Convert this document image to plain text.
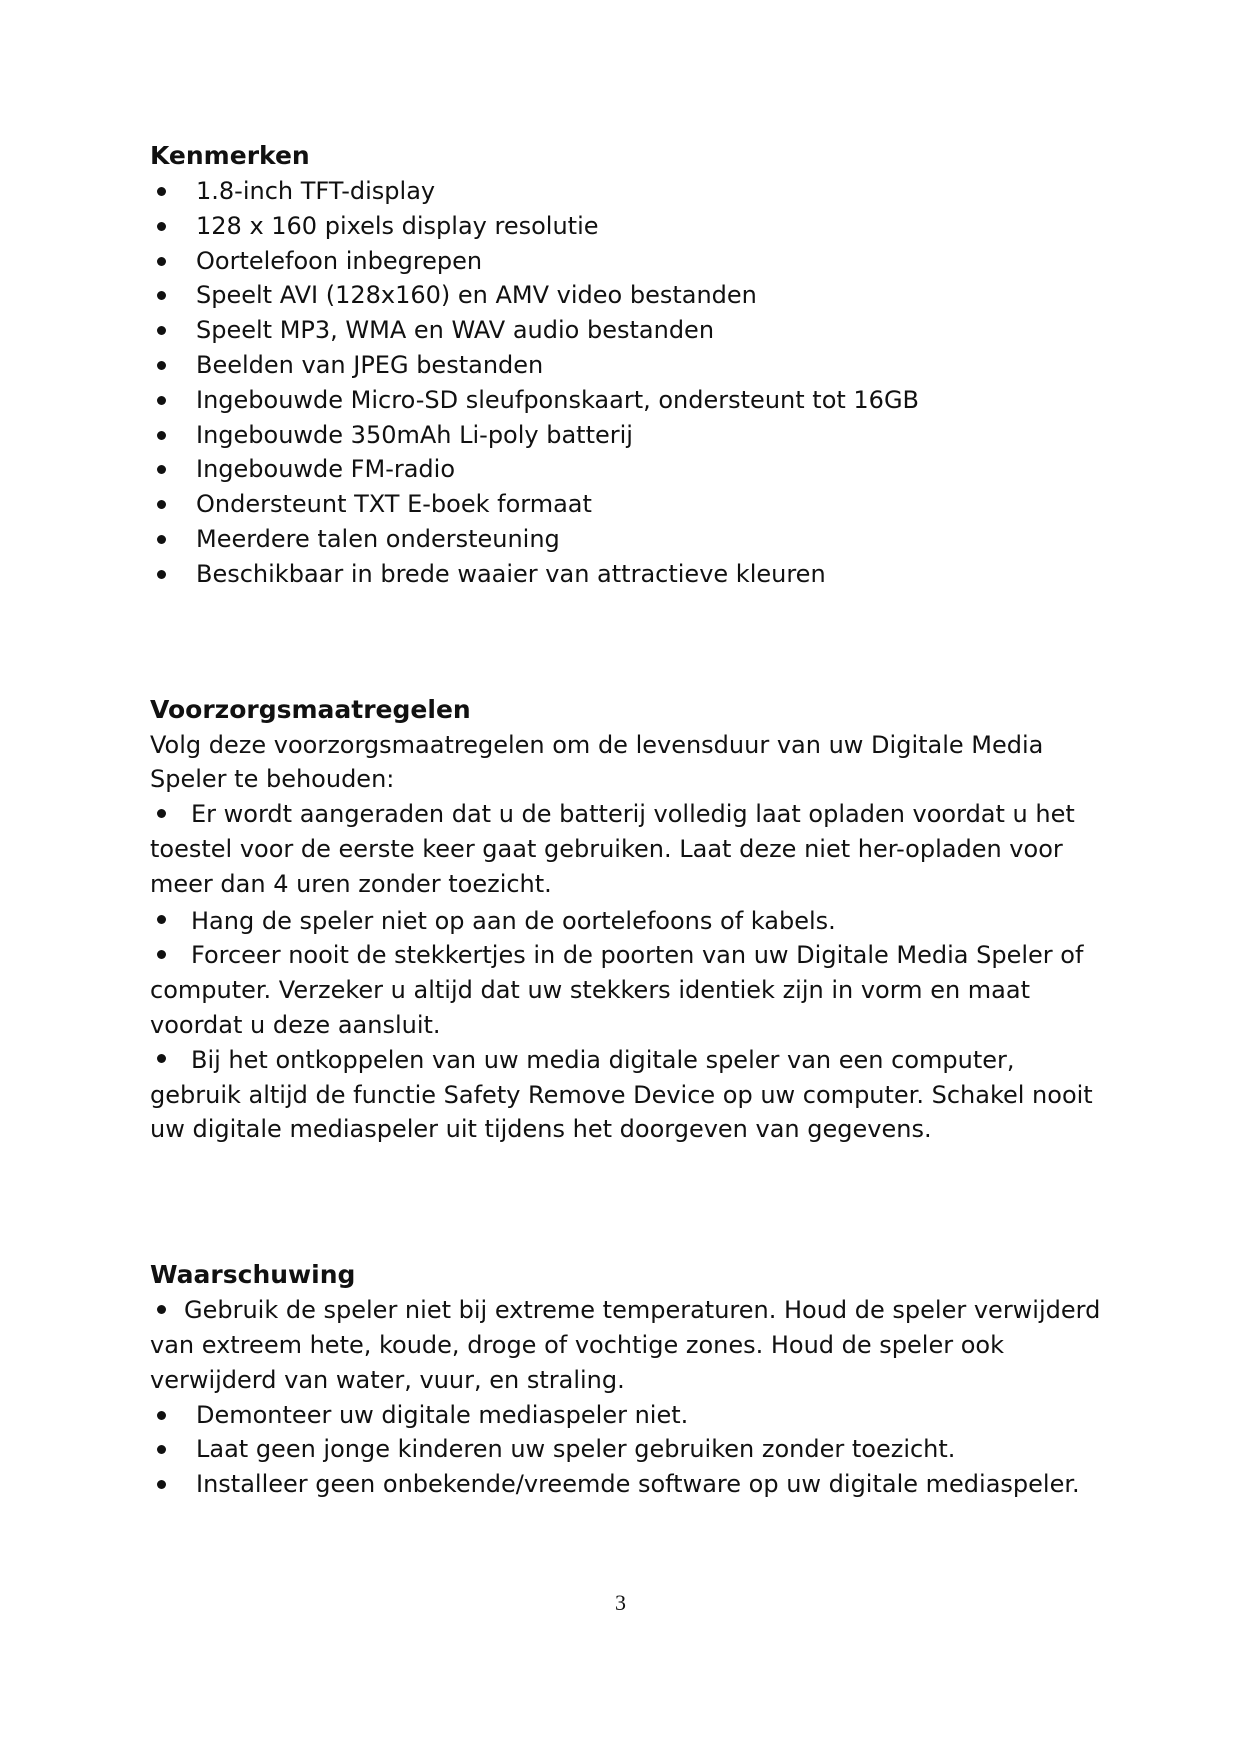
Kenmerken
1.8-inch TFT-display
128 x 160 pixels display resolutie
Oortelefoon inbegrepen
Speelt AVI (128x160) en AMV video bestanden
Speelt MP3, WMA en WAV audio bestanden
Beelden van JPEG bestanden
Ingebouwde Micro-SD sleufponskaart, ondersteunt tot 16GB
Ingebouwde 350mAh Li-poly batterij
Ingebouwde FM-radio
Ondersteunt TXT E-boek formaat
Meerdere talen ondersteuning
Beschikbaar in brede waaier van attractieve kleuren
Voorzorgsmaatregelen

Volg deze voorzorgsmaatregelen om de levensduur van uw Digitale Media Speler te behouden:

Er wordt aangeraden dat u de batterij volledig laat opladen voordat u het toestel voor de eerste keer gaat gebruiken. Laat deze niet her-opladen voor meer dan 4 uren zonder toezicht.

Hang de speler niet op aan de oortelefoons of kabels.

Forceer nooit de stekkertjes in de poorten van uw Digitale Media Speler of computer. Verzeker u altijd dat uw stekkers identiek zijn in vorm en maat voordat u deze aansluit.

Bij het ontkoppelen van uw media digitale speler van een computer, gebruik altijd de functie Safety Remove Device op uw computer. Schakel nooit uw digitale mediaspeler uit tijdens het doorgeven van gegevens.

Waarschuwing

Gebruik de speler niet bij extreme temperaturen. Houd de speler verwijderd van extreem hete, koude, droge of vochtige zones. Houd de speler ook verwijderd van water, vuur, en straling.

Demonteer uw digitale mediaspeler niet.
Laat geen jonge kinderen uw speler gebruiken zonder toezicht.
Installeer geen onbekende/vreemde software op uw digitale mediaspeler.
3
